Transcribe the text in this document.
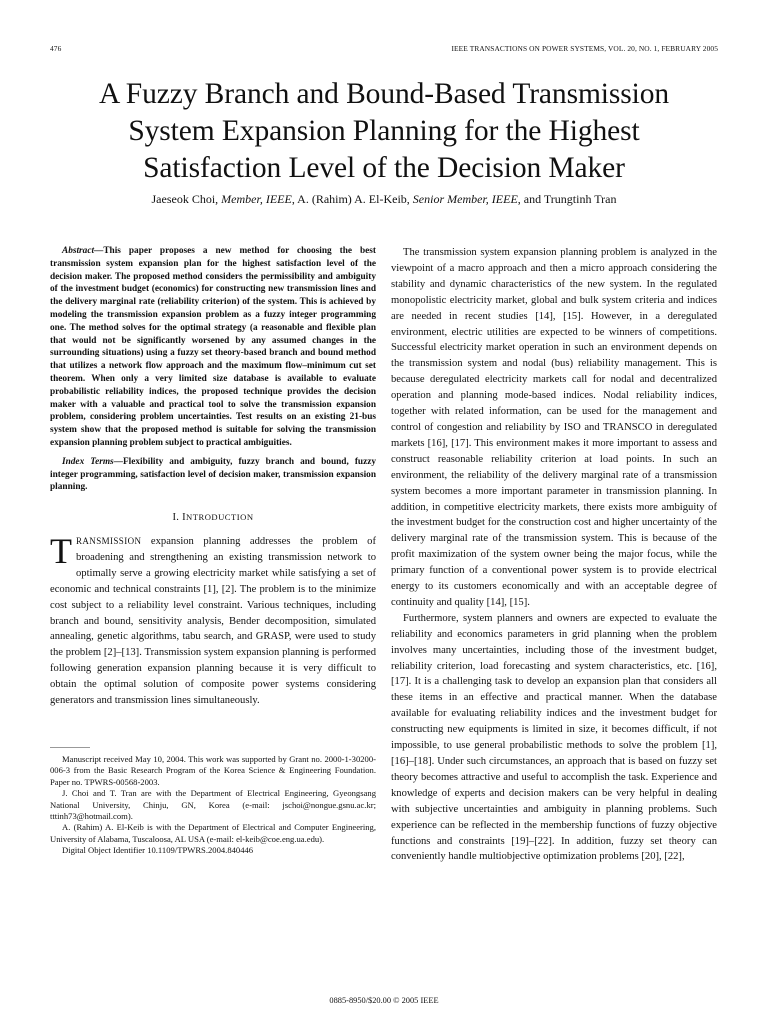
476	IEEE TRANSACTIONS ON POWER SYSTEMS, VOL. 20, NO. 1, FEBRUARY 2005
A Fuzzy Branch and Bound-Based Transmission
System Expansion Planning for the Highest
Satisfaction Level of the Decision Maker
Jaeseok Choi, Member, IEEE, A. (Rahim) A. El-Keib, Senior Member, IEEE, and Trungtinh Tran

Abstract—This paper proposes a new method for choosing the best transmission system expansion plan for the highest satisfaction level of the decision maker. The proposed method considers the permissibility and ambiguity of the investment budget (economics) for constructing new transmission lines and the delivery marginal rate (reliability criterion) of the system. This is achieved by modeling the transmission expansion problem as a fuzzy integer programming one. The method solves for the optimal strategy (a reasonable and flexible plan that would not be significantly worsened by any assumed changes in the surrounding situations) using a fuzzy set theory-based branch and bound method that utilizes a network flow approach and the maximum flow–minimum cut set theorem. When only a very limited size database is available to evaluate probabilistic reliability indices, the proposed technique provides the decision maker with a valuable and practical tool to solve the transmission expansion problem, considering problem uncertainties. Test results on an existing 21-bus system show that the proposed method is suitable for solving the transmission expansion planning problem subject to practical ambiguities.

Index Terms—Flexibility and ambiguity, fuzzy branch and bound, fuzzy integer programming, satisfaction level of decision maker, transmission expansion planning.

I. INTRODUCTION

TRANSMISSION expansion planning addresses the problem of broadening and strengthening an existing transmission network to optimally serve a growing electricity market while satisfying a set of economic and technical constraints [1], [2]. The problem is to the minimize cost subject to a reliability level constraint. Various techniques, including branch and bound, sensitivity analysis, Bender decomposition, simulated annealing, genetic algorithms, tabu search, and GRASP, were used to study the problem [2]–[13]. Transmission system expansion planning is performed following generation expansion planning because it is very difficult to obtain the optimal solution of composite power systems considering generators and transmission lines simultaneously.

Manuscript received May 10, 2004. This work was supported by Grant no. 2000-1-30200-006-3 from the Basic Research Program of the Korea Science & Engineering Foundation. Paper no. TPWRS-00568-2003.

J. Choi and T. Tran are with the Department of Electrical Engineering, Gyeongsang National University, Chinju, GN, Korea (e-mail: jschoi@nongue.gsnu.ac.kr; tttinh73@hotmail.com).

A. (Rahim) A. El-Keib is with the Department of Electrical and Computer Engineering, University of Alabama, Tuscaloosa, AL USA (e-mail: el-keib@coe.eng.ua.edu).

Digital Object Identifier 10.1109/TPWRS.2004.840446

The transmission system expansion planning problem is analyzed in the viewpoint of a macro approach and then a micro approach considering the stability and dynamic characteristics of the new system. In the regulated monopolistic electricity market, global and bulk system criteria and indices are needed in recent studies [14], [15]. However, in a deregulated environment, electric utilities are expected to be winners of competitions. Successful electricity market operation in such an environment depends on the transmission system and nodal (bus) reliability management. This is because deregulated electricity markets call for nodal and decentralized operation and planning mode-based indices. Nodal reliability indices, together with related information, can be used for the management and control of congestion and reliability by ISO and TRANSCO in deregulated markets [16], [17]. This environment makes it more important to assess and construct reasonable reliability criterion at load points. In such an environment, the reliability of the delivery marginal rate of a transmission system becomes a more important parameter in transmission planning. In addition, in competitive electricity markets, there exists more ambiguity of the investment budget for the construction cost and higher uncertainty of the delivery marginal rate of the transmission system. This is because of the profit maximization of the system owner being the major focus, while the primary function of a conventional power system is to provide electrical energy to its customers economically and with an acceptable degree of continuity and quality [14], [15].

Furthermore, system planners and owners are expected to evaluate the reliability and economics parameters in grid planning when the problem involves many uncertainties, including those of the investment budget, reliability criterion, load forecasting and system characteristics, etc. [16], [17]. It is a challenging task to develop an expansion plan that considers all these items in an effective and practical manner. When the database available for evaluating reliability indices and the investment budget for constructing new equipments is limited in size, it becomes difficult, if not impossible, to use general probabilistic methods to solve the problem [1], [16]–[18]. Under such circumstances, an approach that is based on fuzzy set theory becomes attractive and useful to accomplish the task. Experience and knowledge of experts and decision makers can be very helpful in dealing with subjective uncertainties and ambiguity in planning problems. Such experience can be reflected in the membership functions of fuzzy objective functions and constraints [19]–[22]. In addition, fuzzy set theory can conveniently handle multiobjective optimization problems [20], [22],

0885-8950/$20.00 © 2005 IEEE
